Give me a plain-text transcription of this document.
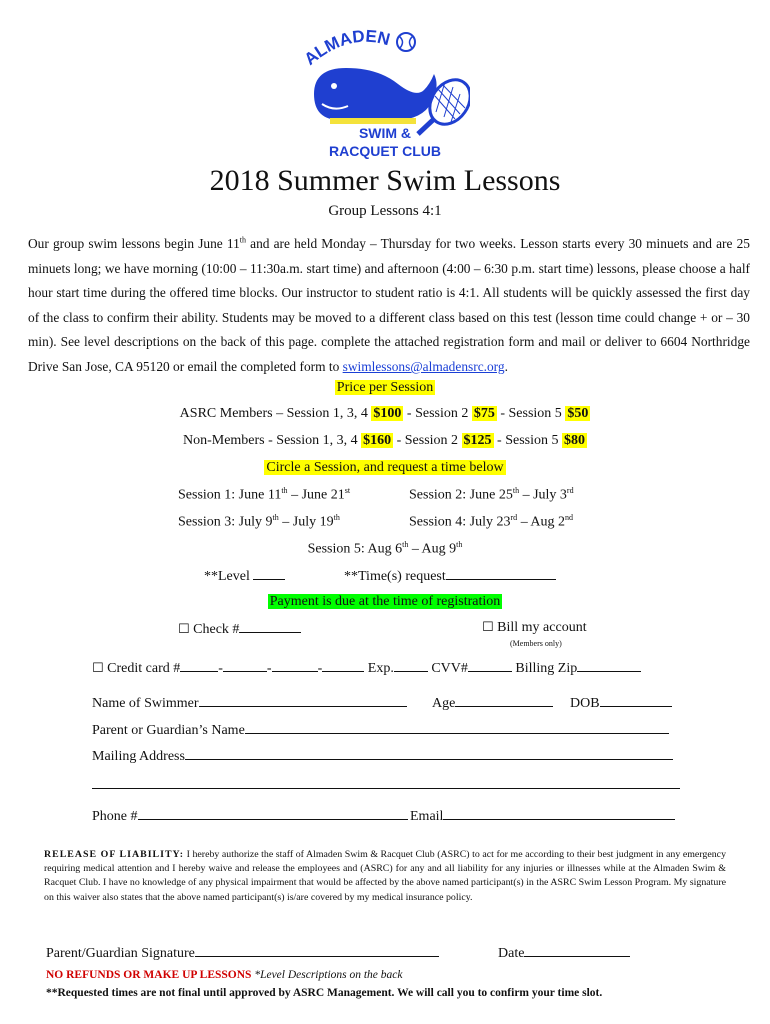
ALMADEN
SWIM &
RACQUET CLUB
2018 Summer Swim Lessons
Group Lessons 4:1
Our group swim lessons begin June 11th and are held Monday – Thursday for two weeks. Lesson starts every 30 minuets and are 25 minuets long; we have morning (10:00 – 11:30a.m. start time) and afternoon (4:00 – 6:30 p.m. start time) lessons, please choose a half hour start time during the offered time blocks. Our instructor to student ratio is 4:1. All students will be quickly assessed the first day of the class to confirm their ability. Students may be moved to a different class based on this test (lesson time could change + or – 30 min). See level descriptions on the back of this page. complete the attached registration form and mail or deliver to 6604 Northridge Drive San Jose, CA 95120 or email the completed form to swimlessons@almadensrc.org.
Price per Session
ASRC Members – Session 1, 3, 4 $100 - Session 2 $75 - Session 5 $50
Non-Members - Session 1, 3, 4 $160 - Session 2 $125 - Session 5 $80
Circle a Session, and request a time below
Session 1: June 11th – June 21st	Session 2: June 25th – July 3rd
Session 3: July 9th – July 19th	Session 4: July 23rd – Aug 2nd
Session 5: Aug 6th – Aug 9th
**Level	**Time(s) request
Payment is due at the time of registration
☐ Check #	☐ Bill my account
(Members only)
☐ Credit card #	-	-	-	Exp.	CVV#	Billing Zip
Name of Swimmer	Age	DOB
Parent or Guardian’s Name
Mailing Address
Phone #	Email
RELEASE OF LIABILITY: I hereby authorize the staff of Almaden Swim & Racquet Club (ASRC) to act for me according to their best judgment in any emergency requiring medical attention and I hereby waive and release the employees and (ASRC) for any and all liability for any injuries or illnesses while at the Almaden Swim & Racquet Club. I have no knowledge of any physical impairment that would be affected by the above named participant(s) in the ASRC Swim Lesson Program. My signature on this waiver also states that the above named participant(s) is/are covered by my medical insurance policy.
Parent/Guardian Signature	Date
NO REFUNDS OR MAKE UP LESSONS *Level Descriptions on the back
**Requested times are not final until approved by ASRC Management. We will call you to confirm your time slot.
